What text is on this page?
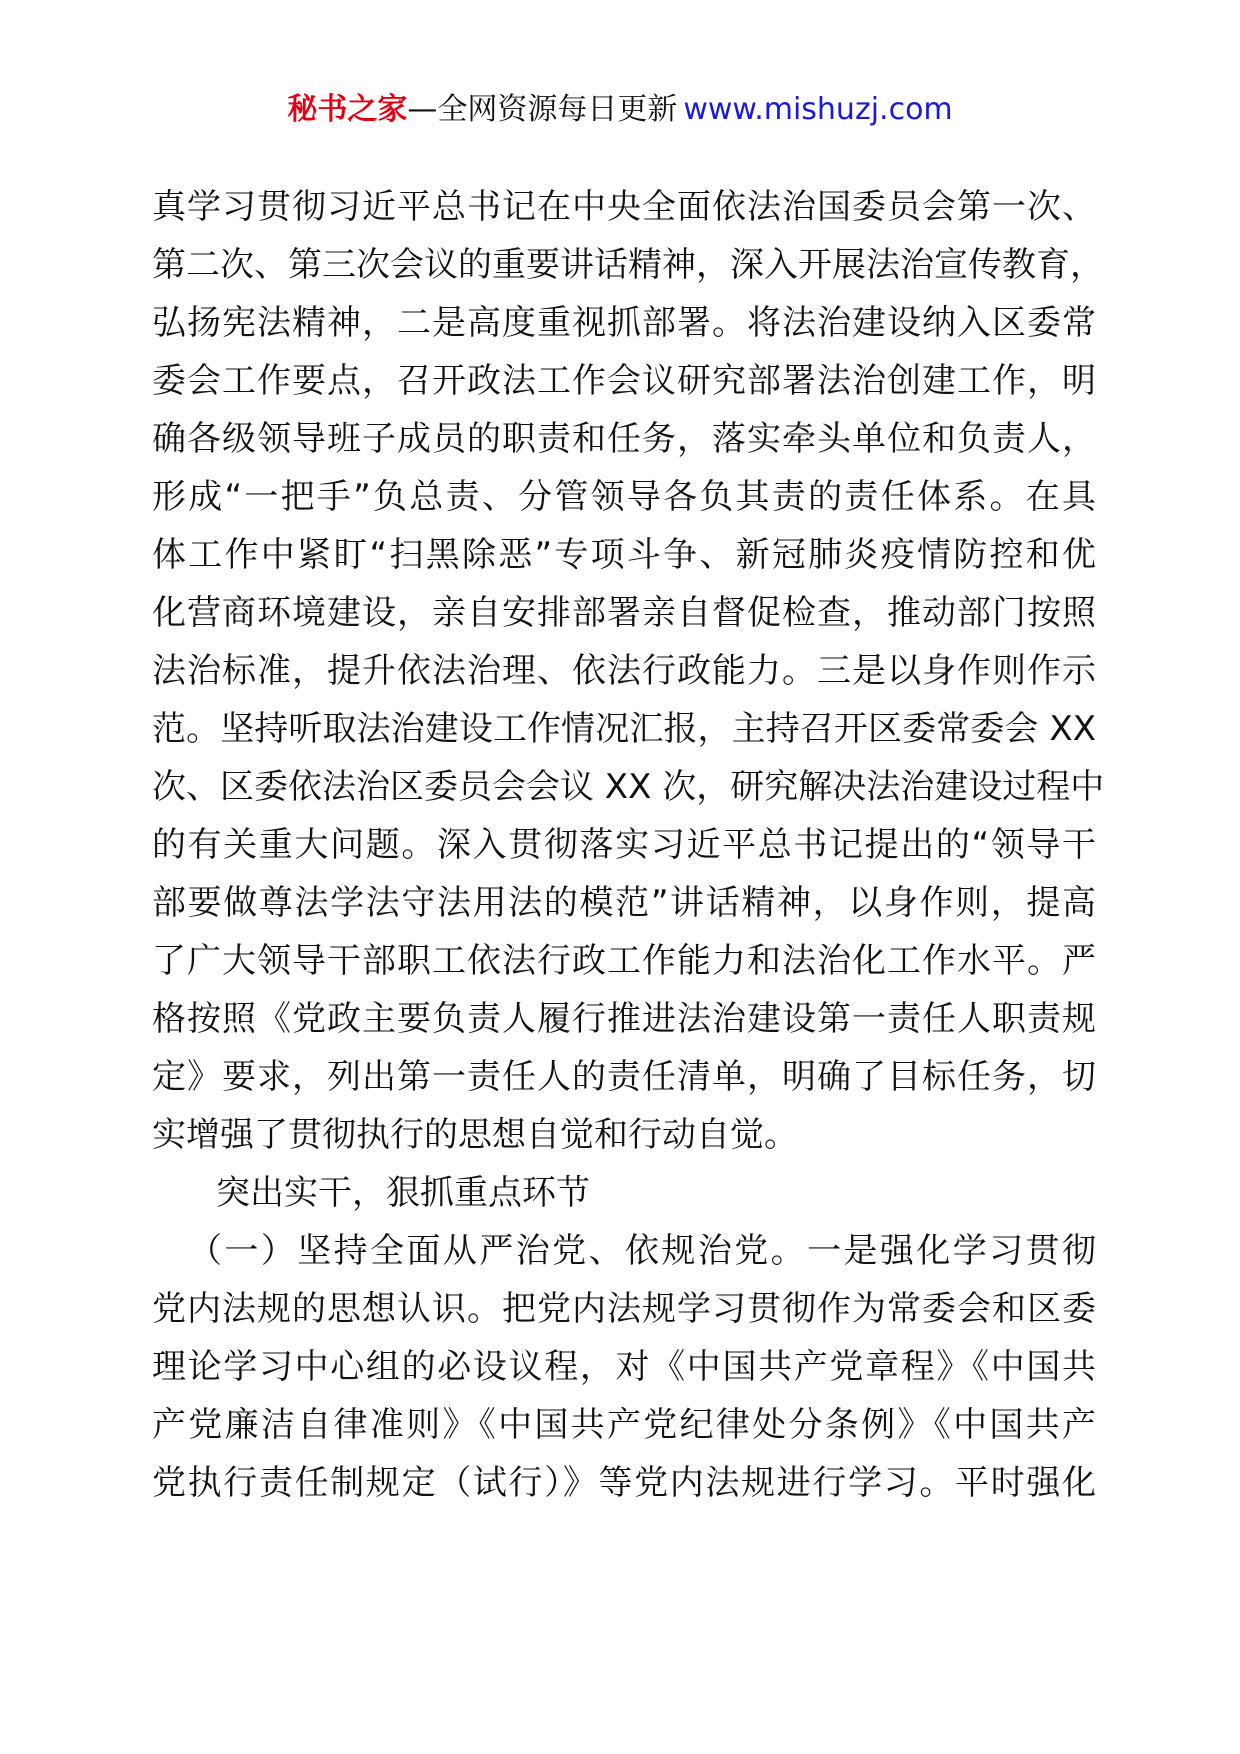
秘书之家—全网资源每日更新 www.mishuzj.com
真学习贯彻习近平总书记在中央全面依法治国委员会第一次、
第二次、第三次会议的重要讲话精神，深入开展法治宣传教育，
弘扬宪法精神，二是高度重视抓部署。将法治建设纳入区委常
委会工作要点，召开政法工作会议研究部署法治创建工作，明
确各级领导班子成员的职责和任务，落实牵头单位和负责人，
形成“一把手”负总责、分管领导各负其责的责任体系。在具
体工作中紧盯“扫黑除恶”专项斗争、新冠肺炎疫情防控和优
化营商环境建设，亲自安排部署亲自督促检查，推动部门按照
法治标准，提升依法治理、依法行政能力。三是以身作则作示
范。坚持听取法治建设工作情况汇报，主持召开区委常委会 XX
次、区委依法治区委员会会议 XX 次，研究解决法治建设过程中
的有关重大问题。深入贯彻落实习近平总书记提出的“领导干
部要做尊法学法守法用法的模范”讲话精神，以身作则，提高
了广大领导干部职工依法行政工作能力和法治化工作水平。严
格按照《党政主要负责人履行推进法治建设第一责任人职责规
定》要求，列出第一责任人的责任清单，明确了目标任务，切
实增强了贯彻执行的思想自觉和行动自觉。
突出实干，狠抓重点环节
（一）坚持全面从严治党、依规治党。一是强化学习贯彻
党内法规的思想认识。把党内法规学习贯彻作为常委会和区委
理论学习中心组的必设议程，对《中国共产党章程》《中国共
产党廉洁自律准则》《中国共产党纪律处分条例》《中国共产
党执行责任制规定（试行）》等党内法规进行学习。平时强化
